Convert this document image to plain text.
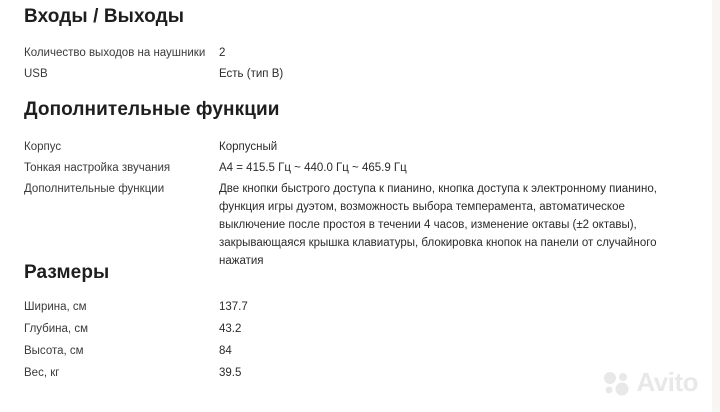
Входы / Выходы
Количество выходов на наушники	2
USB	Есть (тип B)
Дополнительные функции
Корпус	Корпусный
Тонкая настройка звучания	A4 = 415.5 Гц ~ 440.0 Гц ~ 465.9 Гц
Дополнительные функции	Две кнопки быстрого доступа к пианино, кнопка доступа к электронному пианино, функция игры дуэтом, возможность выбора темперамента, автоматическое выключение после простоя в течении 4 часов, изменение октавы (±2 октавы), закрывающаяся крышка клавиатуры, блокировка кнопок на панели от случайного нажатия
Размеры
Ширина, см	137.7
Глубина, см	43.2
Высота, см	84
Вес, кг	39.5	Avito
